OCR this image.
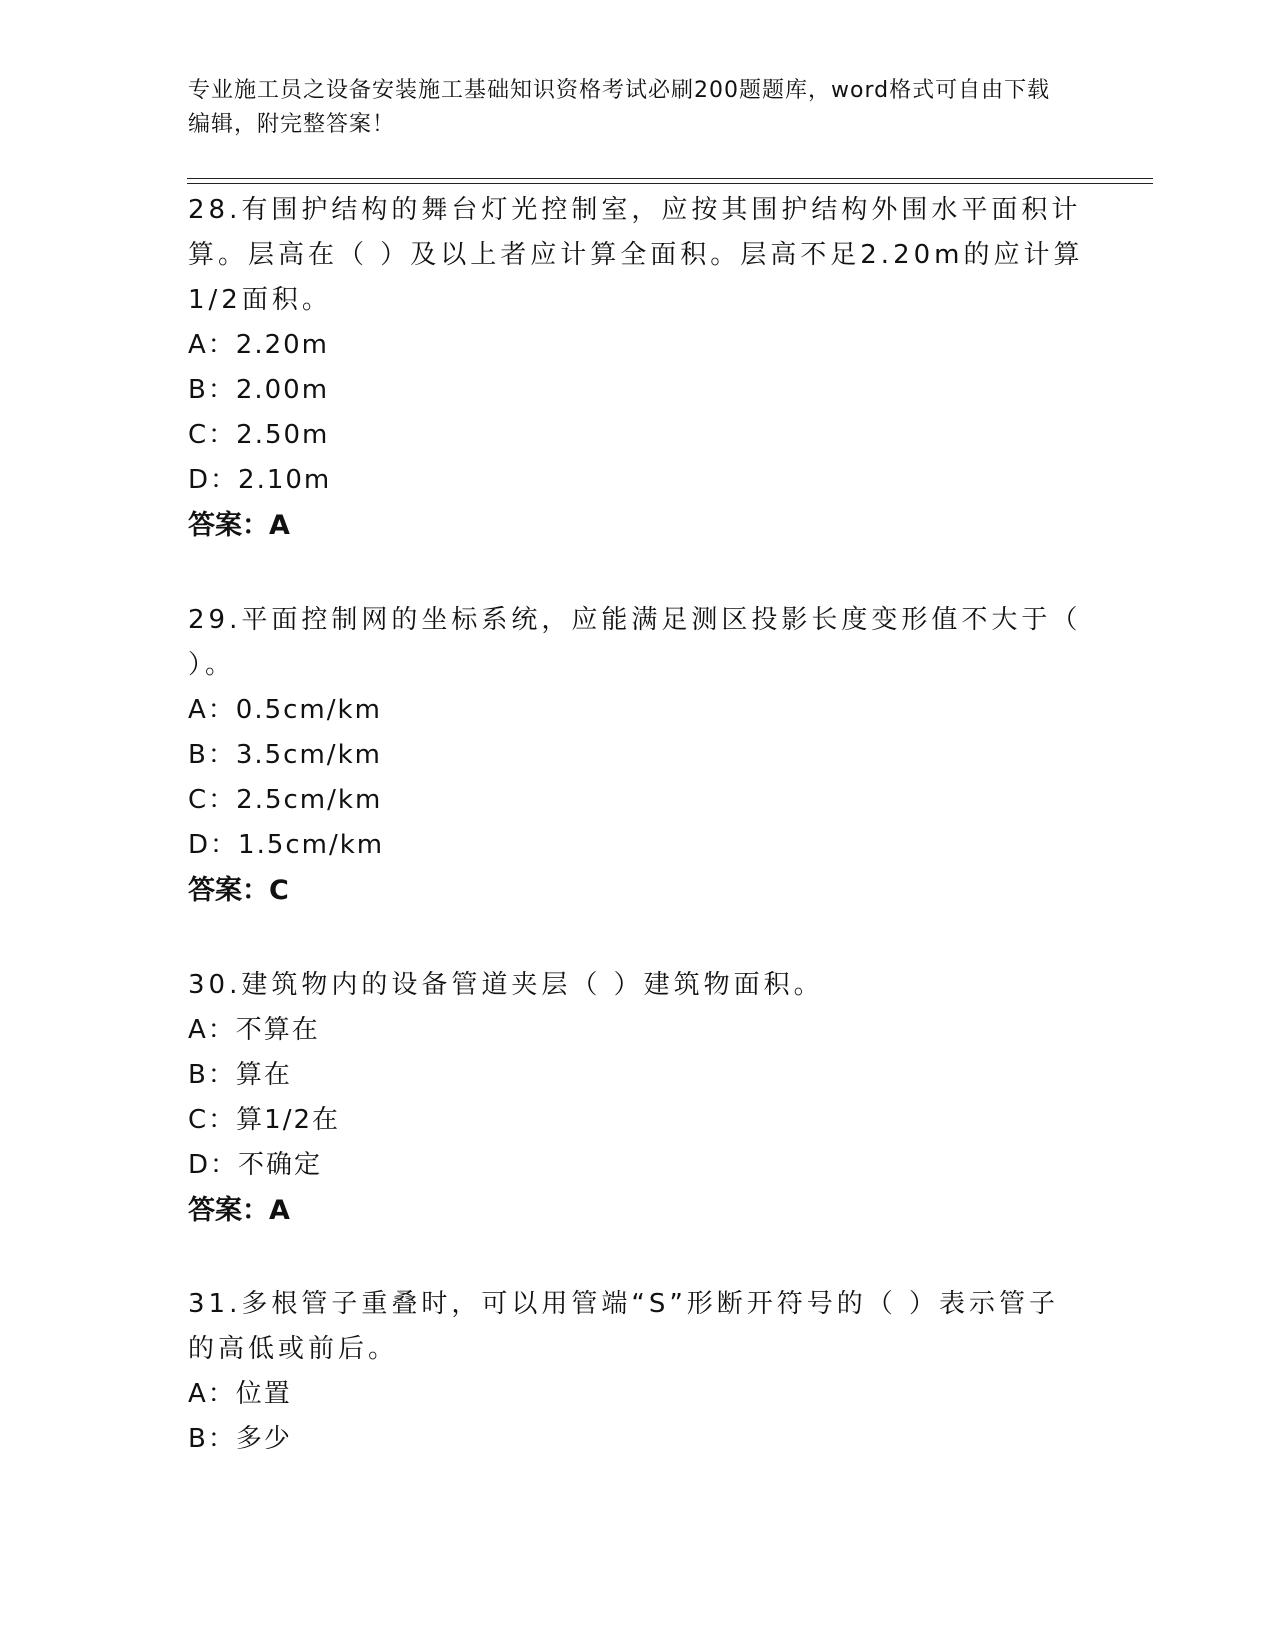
专业施工员之设备安装施工基础知识资格考试必刷200题题库，word格式可自由下载编辑，附完整答案！

28.有围护结构的舞台灯光控制室，应按其围护结构外围水平面积计算。层高在（ ）及以上者应计算全面积。层高不足2.20m的应计算1/2面积。

A：2.20m

B：2.00m

C：2.50m

D：2.10m

答案：A

29.平面控制网的坐标系统，应能满足测区投影长度变形值不大于（ ）。

A：0.5cm/km

B：3.5cm/km

C：2.5cm/km

D：1.5cm/km

答案：C

30.建筑物内的设备管道夹层（ ）建筑物面积。

A：不算在

B：算在

C：算1/2在

D：不确定

答案：A

31.多根管子重叠时，可以用管端“S”形断开符号的（ ）表示管子的高低或前后。

A：位置

B：多少
